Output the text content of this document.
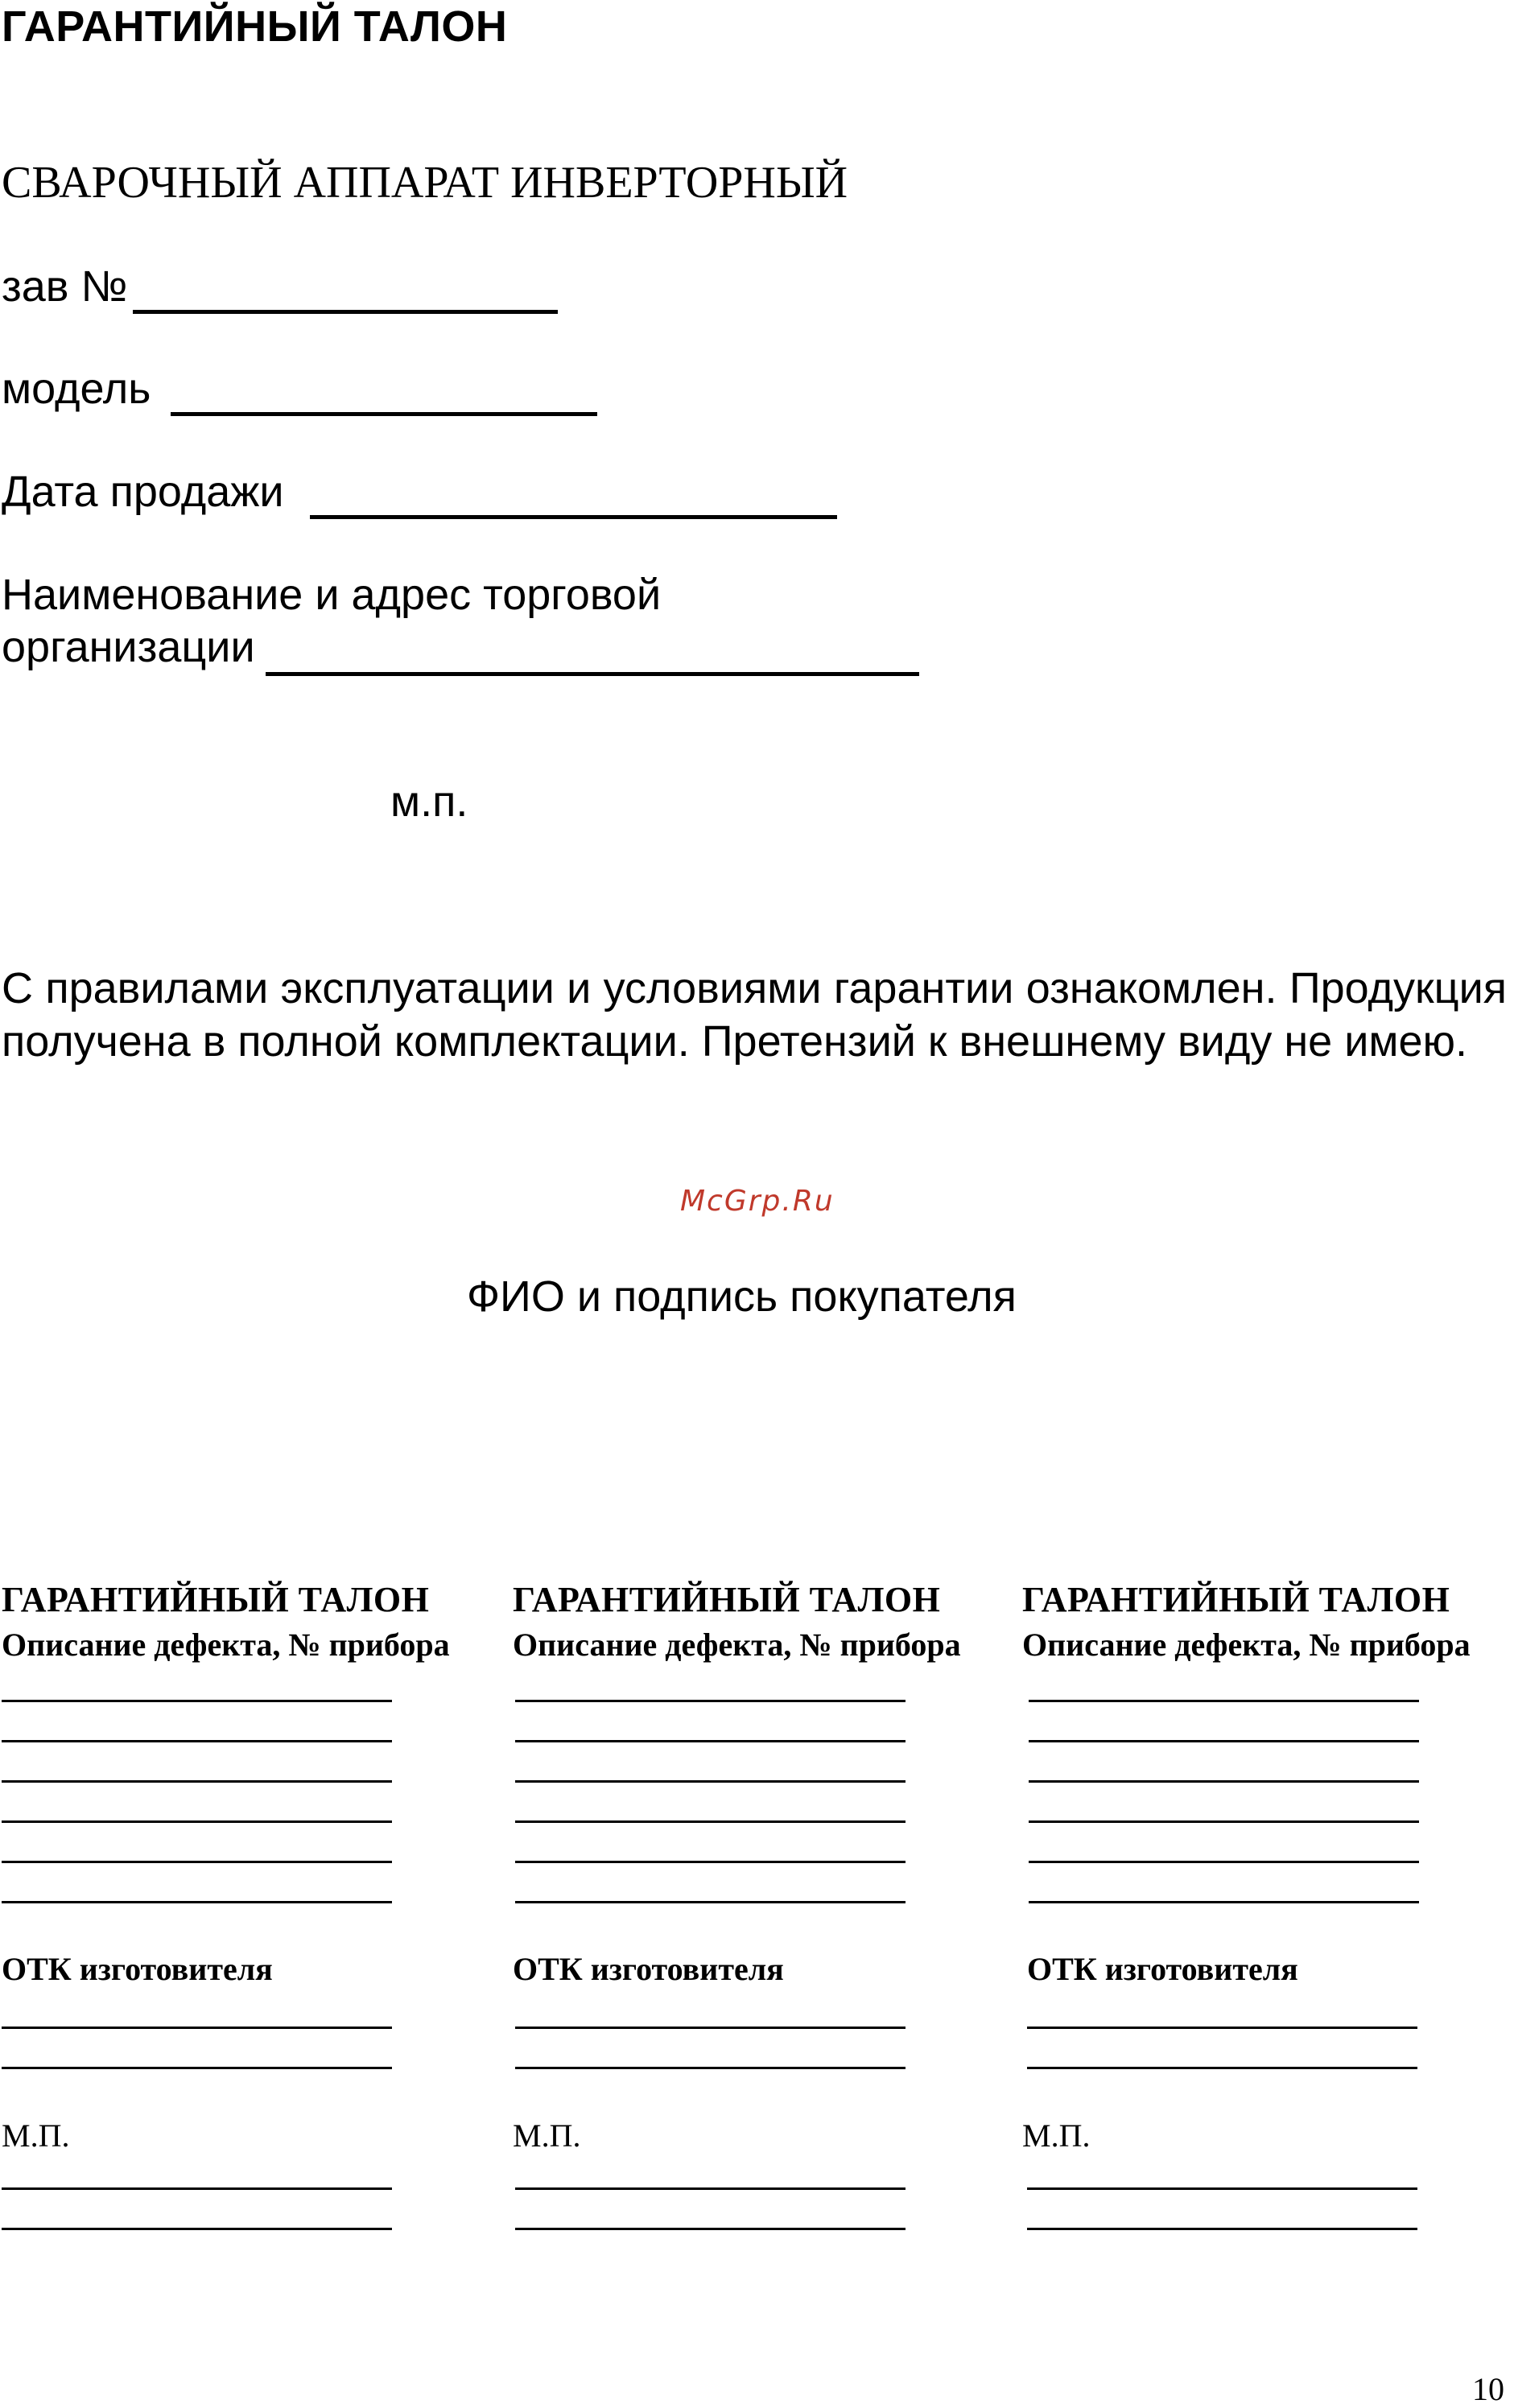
ГАРАНТИЙНЫЙ ТАЛОН
СВАРОЧНЫЙ АППАРАТ ИНВЕРТОРНЫЙ
зав №
модель
Дата продажи
Наименование и адрес торговой
организации
м.п.
С правилами эксплуатации и условиями гарантии ознакомлен. Продукция получена в полной комплектации. Претензий к внешнему виду не имею.
McGrp.Ru
ФИО и подпись покупателя
ГАРАНТИЙНЫЙ ТАЛОН
Описание дефекта, № прибора
ОТК изготовителя
М.П.
ГАРАНТИЙНЫЙ ТАЛОН
Описание дефекта, № прибора
ОТК изготовителя
М.П.
ГАРАНТИЙНЫЙ ТАЛОН
Описание дефекта, № прибора
ОТК изготовителя
М.П.
10
